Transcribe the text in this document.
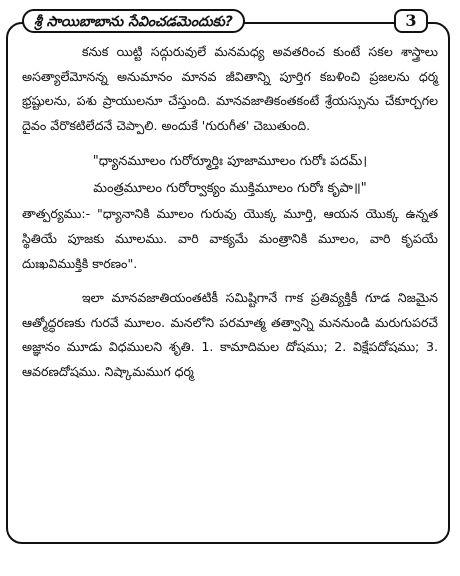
శ్రీ సాయిబాబాను సేవించడమెందుకు?	3

కనుక యిట్టి సద్గురువులే మనమధ్య అవతరించ కుంటే సకల శాస్త్రాలు అసత్యాలేమోనన్న అనుమానం మానవ జీవితాన్ని పూర్తిగ కబళించి ప్రజలను ధర్మ భ్రష్టులను, పశు ప్రాయులనూ చేస్తుంది. మానవజాతికంతకంటే శ్రేయస్సును చేకూర్చగల దైవం వేరొకటిలేదనే చెప్పాలి. అందుకే 'గురుగీత' చెబుతుంది.

"ధ్యానమూలం గురోర్మూర్తిః పూజామూలం గురోః పదమ్।

మంత్రమూలం గురోర్వాక్యం ముక్తిమూలం గురోః కృపా॥"

తాత్పర్యము:- "ధ్యానానికి మూలం గురువు యొక్క మూర్తి, ఆయన యొక్క ఉన్నత స్థితియే పూజకు మూలము. వారి వాక్యమే మంత్రానికి మూలం, వారి కృపయే దుఃఖవిముక్తికి కారణం".

ఇలా మానవజాతియంతటికీ సమిష్టిగానే గాక ప్రతివ్యక్తికీ గూడ నిజమైన ఆత్మోద్ధరణకు గురవే మూలం. మనలోని పరమాత్మ తత్వాన్ని మననుండి మరుగుపరచే అజ్ఞానం మూడు విధములని శృతి. 1. కామాదిమల దోషము; 2. విక్షేపదోషము; 3. ఆవరణదోషము. నిష్కామముగ ధర్మ
